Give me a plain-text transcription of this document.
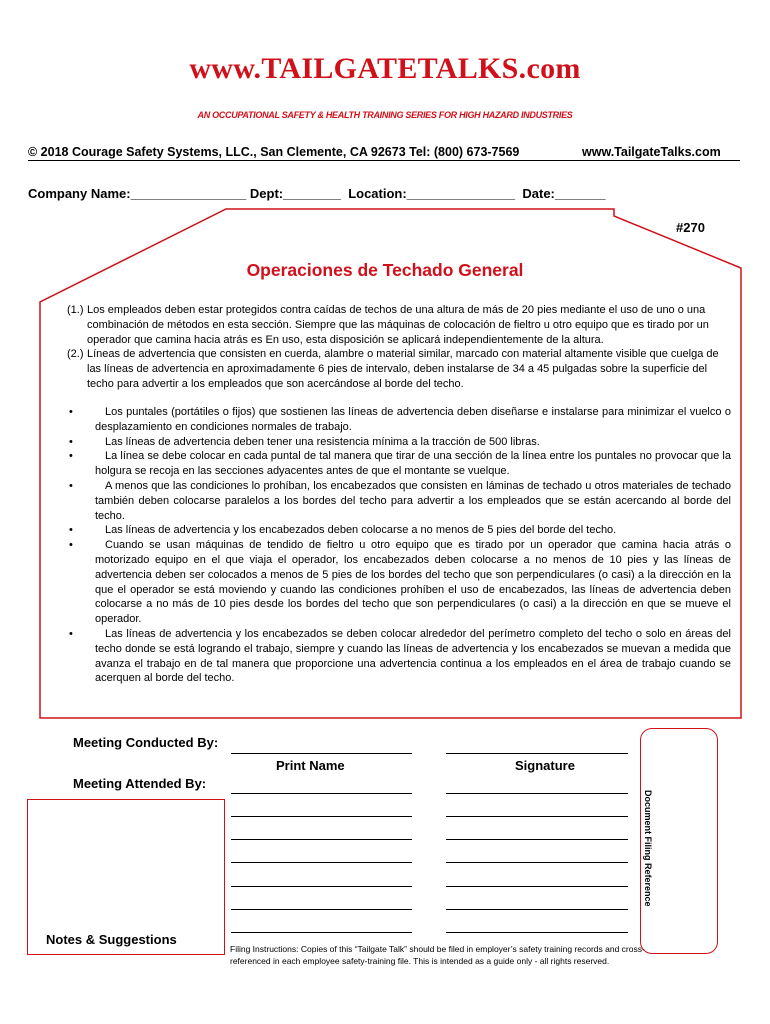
www.TAILGATETALKS.com
AN OCCUPATIONAL SAFETY & HEALTH TRAINING SERIES FOR HIGH HAZARD INDUSTRIES
© 2018 Courage Safety Systems, LLC., San Clemente, CA 92673 Tel: (800) 673-7569	www.TailgateTalks.com
Company Name:________________ Dept:________ Location:_______________ Date:_______
#270
Operaciones de Techado General
(1.) Los empleados deben estar protegidos contra caídas de techos de una altura de más de 20 pies mediante el uso de uno o una combinación de métodos en esta sección. Siempre que las máquinas de colocación de fieltro u otro equipo que es tirado por un operador que camina hacia atrás es En uso, esta disposición se aplicará independientemente de la altura.
(2.) Líneas de advertencia que consisten en cuerda, alambre o material similar, marcado con material altamente visible que cuelga de las líneas de advertencia en aproximadamente 6 pies de intervalo, deben instalarse de 34 a 45 pulgadas sobre la superficie del techo para advertir a los empleados que son acercándose al borde del techo.
•	Los puntales (portátiles o fijos) que sostienen las líneas de advertencia deben diseñarse e instalarse para minimizar el vuelco o desplazamiento en condiciones normales de trabajo.
•	Las líneas de advertencia deben tener una resistencia mínima a la tracción de 500 libras.
•	La línea se debe colocar en cada puntal de tal manera que tirar de una sección de la línea entre los puntales no provocar que la holgura se recoja en las secciones adyacentes antes de que el montante se vuelque.
•	A menos que las condiciones lo prohíban, los encabezados que consisten en láminas de techado u otros materiales de techado también deben colocarse paralelos a los bordes del techo para advertir a los empleados que se están acercando al borde del techo.
•	Las líneas de advertencia y los encabezados deben colocarse a no menos de 5 pies del borde del techo.
•	Cuando se usan máquinas de tendido de fieltro u otro equipo que es tirado por un operador que camina hacia atrás o motorizado equipo en el que viaja el operador, los encabezados deben colocarse a no menos de 10 pies y las líneas de advertencia deben ser colocados a menos de 5 pies de los bordes del techo que son perpendiculares (o casi) a la dirección en la que el operador se está moviendo y cuando las condiciones prohíben el uso de encabezados, las líneas de advertencia deben colocarse a no más de 10 pies desde los bordes del techo que son perpendiculares (o casi) a la dirección en que se mueve el operador.
•	Las líneas de advertencia y los encabezados se deben colocar alrededor del perímetro completo del techo o solo en áreas del techo donde se está logrando el trabajo, siempre y cuando las líneas de advertencia y los encabezados se muevan a medida que avanza el trabajo en de tal manera que proporcione una advertencia continua a los empleados en el área de trabajo cuando se acerquen al borde del techo.
Meeting Conducted By:
Meeting Attended By:
Print Name	Signature
Notes & Suggestions
Document Filing Reference
Filing Instructions: Copies of this “Tailgate Talk” should be filed in employer’s safety training records and cross-referenced in each employee safety-training file. This is intended as a guide only - all rights reserved.
